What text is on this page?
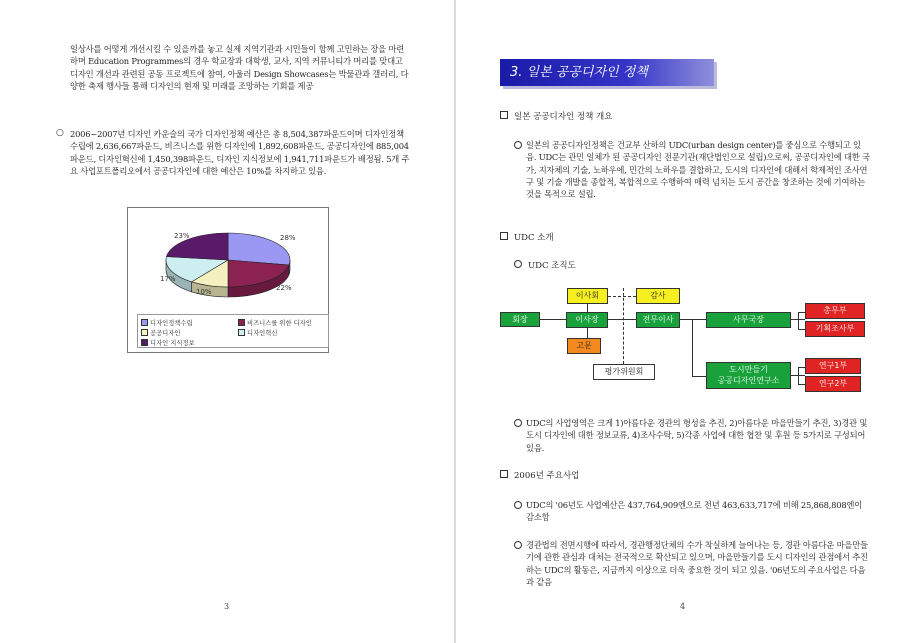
일상사를 어떻게 개선시킬 수 있을까를 놓고 실제 지역기관과 시민들이 함께 고민하는 장을 마련하며 Education Programmes의 경우 학교장과 대학생, 교사, 지역 커뮤니티가 머리를 맞대고 디자인 개선과 관련된 공동 프로젝트에 참여, 아울러 Design Showcases는 박물관과 갤러리, 다양한 축제 행사들 통해 디자인의 현재 및 미래를 조망하는 기회를 제공
○ 2006~2007년 디자인 카운슬의 국가 디자인정책 예산은 총 8,504,387파운드이며 디자인정책 수립에 2,636,667파운드, 비즈니스를 위한 디자인에 1,892,608파운드, 공공디자인에 885,004파운드, 디자인혁신에 1,450,398파운드, 디자인 지식정보에 1,941,711파운드가 배정됨. 5개 주요 사업포트폴리오에서 공공디자인에 대한 예산은 10%를 차지하고 있음.
28%
22%
10%
17%
23%
디자인정책수립	비즈니스를 위한 디자인
공공디자인	디자인혁신
디자인 지식정보
3
3. 일본 공공디자인 정책
일본 공공디자인 정책 개요
일본의 공공디자인정책은 건교부 산하의 UDC(urban design center)를 중심으로 수행되고 있음. UDC는 관민 일체가 된 공공디자인 전문기관(재단법인으로 설립)으로써, 공공디자인에 대한 국가, 지자체의 기술, 노하우에, 민간의 노하우를 결합하고, 도시의 디자인에 대해서 학제적인 조사연구 및 기술 개발을 종합적, 복합적으로 수행하여 매력 넘치는 도시 공간을 창조하는 것에 기여하는 것을 목적으로 설립.
UDC 소개
UDC 조직도
회장
이사회	감사
이사장	전무이사
고문
평가위원회
사무국장
도시만들기
공공디자인연구소
총무부
기획조사부
연구1부
연구2부
UDC의 사업영역은 크게 1)아름다운 경관의 형성을 추진, 2)아름다운 마을만들기 추진, 3)경관 및 도시 디자인에 대한 정보교류, 4)조사수탁, 5)각종 사업에 대한 협찬 및 후원 등 5가지로 구성되어 있음.
2006년 주요사업
UDC의 '06년도 사업예산은 437,764,909엔으로 전년 463,633,717에 비해 25,868,808엔이 감소함
경관법의 전면시행에 따라서, 경관행정단체의 수가 착실하게 늘어나는 등, 경관 아름다운 마을만들기에 관한 관심과 대처는 전국적으로 확산되고 있으며, 마을만들기를 도시 디자인의 관점에서 추진하는 UDC의 활동은, 지금까지 이상으로 더욱 중요한 것이 되고 있음. '06년도의 주요사업은 다음과 같음
4
